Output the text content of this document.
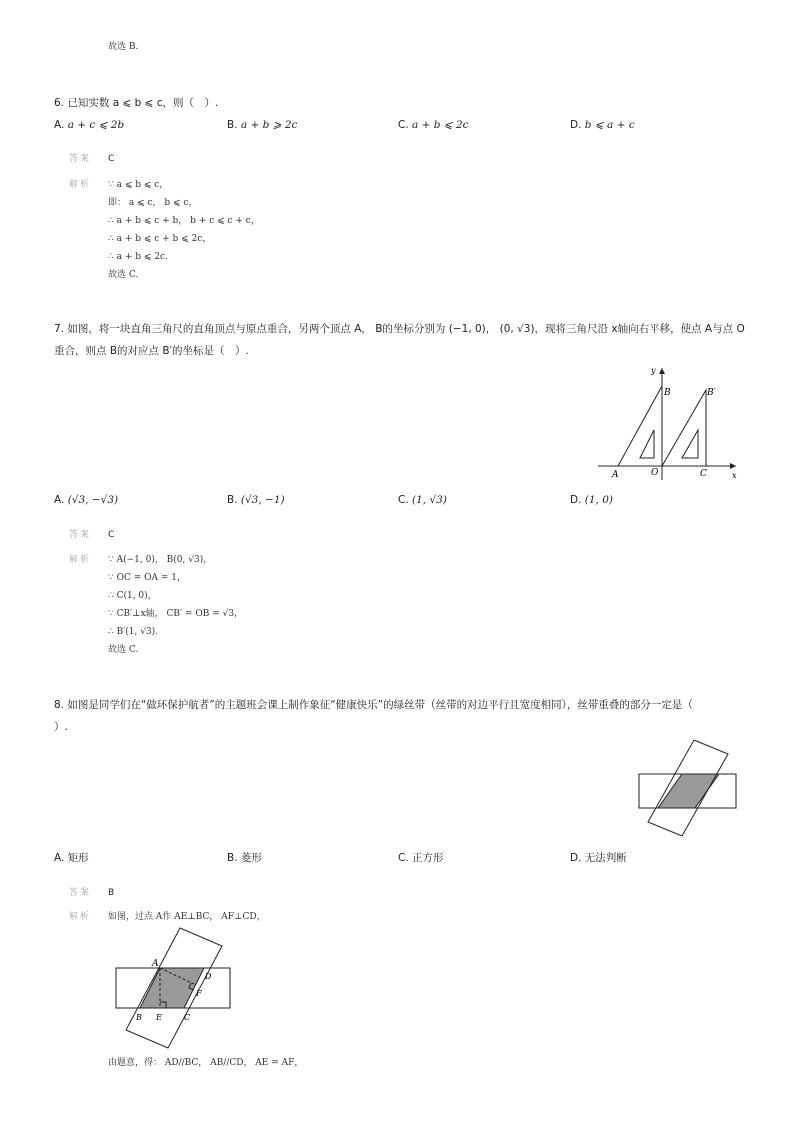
故选 B.
6. 已知实数 a ⩽ b ⩽ c，则（　）.
A. a + c ⩽ 2b	B. a + b ⩾ 2c	C. a + b ⩽ 2c	D. b ⩽ a + c
答案 C
解析 ∵ a ⩽ b ⩽ c，
即： a ⩽ c， b ⩽ c，
∴ a + b ⩽ c + b， b + c ⩽ c + c，
∴ a + b ⩽ c + b ⩽ 2c，
∴ a + b ⩽ 2c.
故选 C.
7. 如图，将一块直角三角尺的直角顶点与原点重合，另两个顶点 A， B的坐标分别为 (−1, 0)， (0, √3)，现将三角尺沿 x轴向右平移，使点 A与点 O
重合，则点 B的对应点 B′的坐标是（　）.
y
x
B	B′
A	O	C
A. (√3, −√3)	B. (√3, −1)	C. (1, √3)	D. (1, 0)
答案 C
解析 ∵ A(−1, 0)， B(0, √3)，
∵ OC = OA = 1，
∴ C(1, 0)，
∵ CB′⊥x轴， CB′ = OB = √3，
∴ B′(1, √3).
故选 C.
8. 如图是同学们在“做环保护航者”的主题班会课上制作象征“健康快乐”的绿丝带（丝带的对边平行且宽度相同），丝带重叠的部分一定是（
）.
A. 矩形	B. 菱形	C. 正方形	D. 无法判断
答案 B
解析 如图，过点 A作 AE⊥BC， AF⊥CD，
A
D
F
B E	C
由题意，得： AD//BC， AB//CD， AE = AF，
